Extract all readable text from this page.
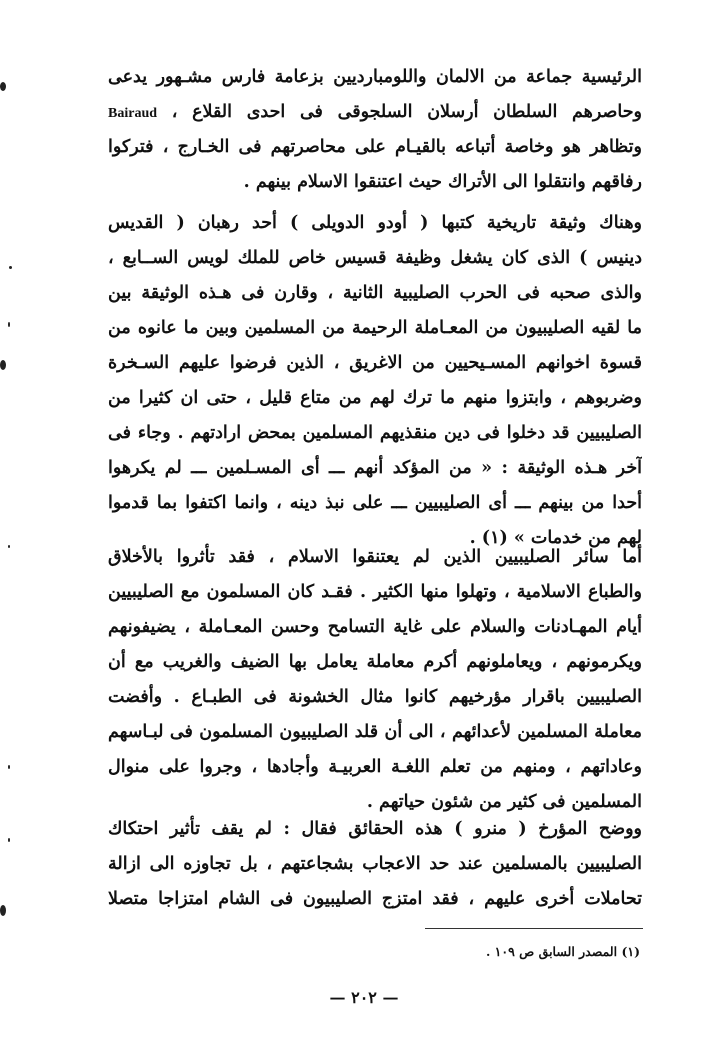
الرئيسية جماعة من الالمان واللومبارديين بزعامة فارس مشـهور يدعى
وحاصرهم السلطان أرسلان السلجوقى فى احدى القلاع ، Bairaud
وتظاهر هو وخاصة أتباعه بالقيـام على محاصرتهم فى الخـارج ، فتركوا
رفاقهم وانتقلوا الى الأتراك حيث اعتنقوا الاسلام بينهم .
وهناك وثيقة تاريخية كتبها ( أودو الدويلى ) أحد رهبان ( القديس
دينيس ) الذى كان يشغل وظيفة قسيس خاص للملك لويس الســابع ،
والذى صحبه فى الحرب الصليبية الثانية ، وقارن فى هـذه الوثيقة بين
ما لقيه الصليبيون من المعـاملة الرحيمة من المسلمين وبين ما عانوه من
قسوة اخوانهم المسـيحيين من الاغريق ، الذين فرضوا عليهم السـخرة
وضربوهم ، وابتزوا منهم ما ترك لهم من متاع قليل ، حتى ان كثيرا من
الصليبيين قد دخلوا فى دين منقذيهم المسلمين بمحض ارادتهم . وجاء فى
آخر هـذه الوثيقة : « من المؤكد أنهم ـــ أى المسـلمين ـــ لم يكرهوا
أحدا من بينهم ـــ أى الصليبيين ـــ على نبذ دينه ، وانما اكتفوا بما قدموا
لهم من خدمات » (١) .
أما سائر الصليبيين الذين لم يعتنقوا الاسلام ، فقد تأثروا بالأخلاق
والطباع الاسلامية ، وتهلوا منها الكثير . فقـد كان المسلمون مع الصليبيين
أيام المهـادنات والسلام على غاية التسامح وحسن المعـاملة ، يضيفونهم
ويكرمونهم ، ويعاملونهم أكرم معاملة يعامل بها الضيف والغريب مع أن
الصليبيين باقرار مؤرخيهم كانوا مثال الخشونة فى الطبـاع . وأفضت
معاملة المسلمين لأعدائهم ، الى أن قلد الصليبيون المسلمون فى لبـاسهم
وعاداتهم ، ومنهم من تعلم اللغـة العربيـة وأجادها ، وجروا على منوال
المسلمين فى كثير من شئون حياتهم .
ووضح المؤرخ ( منرو ) هذه الحقائق فقال : لم يقف تأثير احتكاك
الصليبيين بالمسلمين عند حد الاعجاب بشجاعتهم ، بل تجاوزه الى ازالة
تحاملات أخرى عليهم ، فقد امتزج الصليبيون فى الشام امتزاجا متصلا
(١) المصدر السابق ص ١٠٩ .
— ٢٠٢ —
